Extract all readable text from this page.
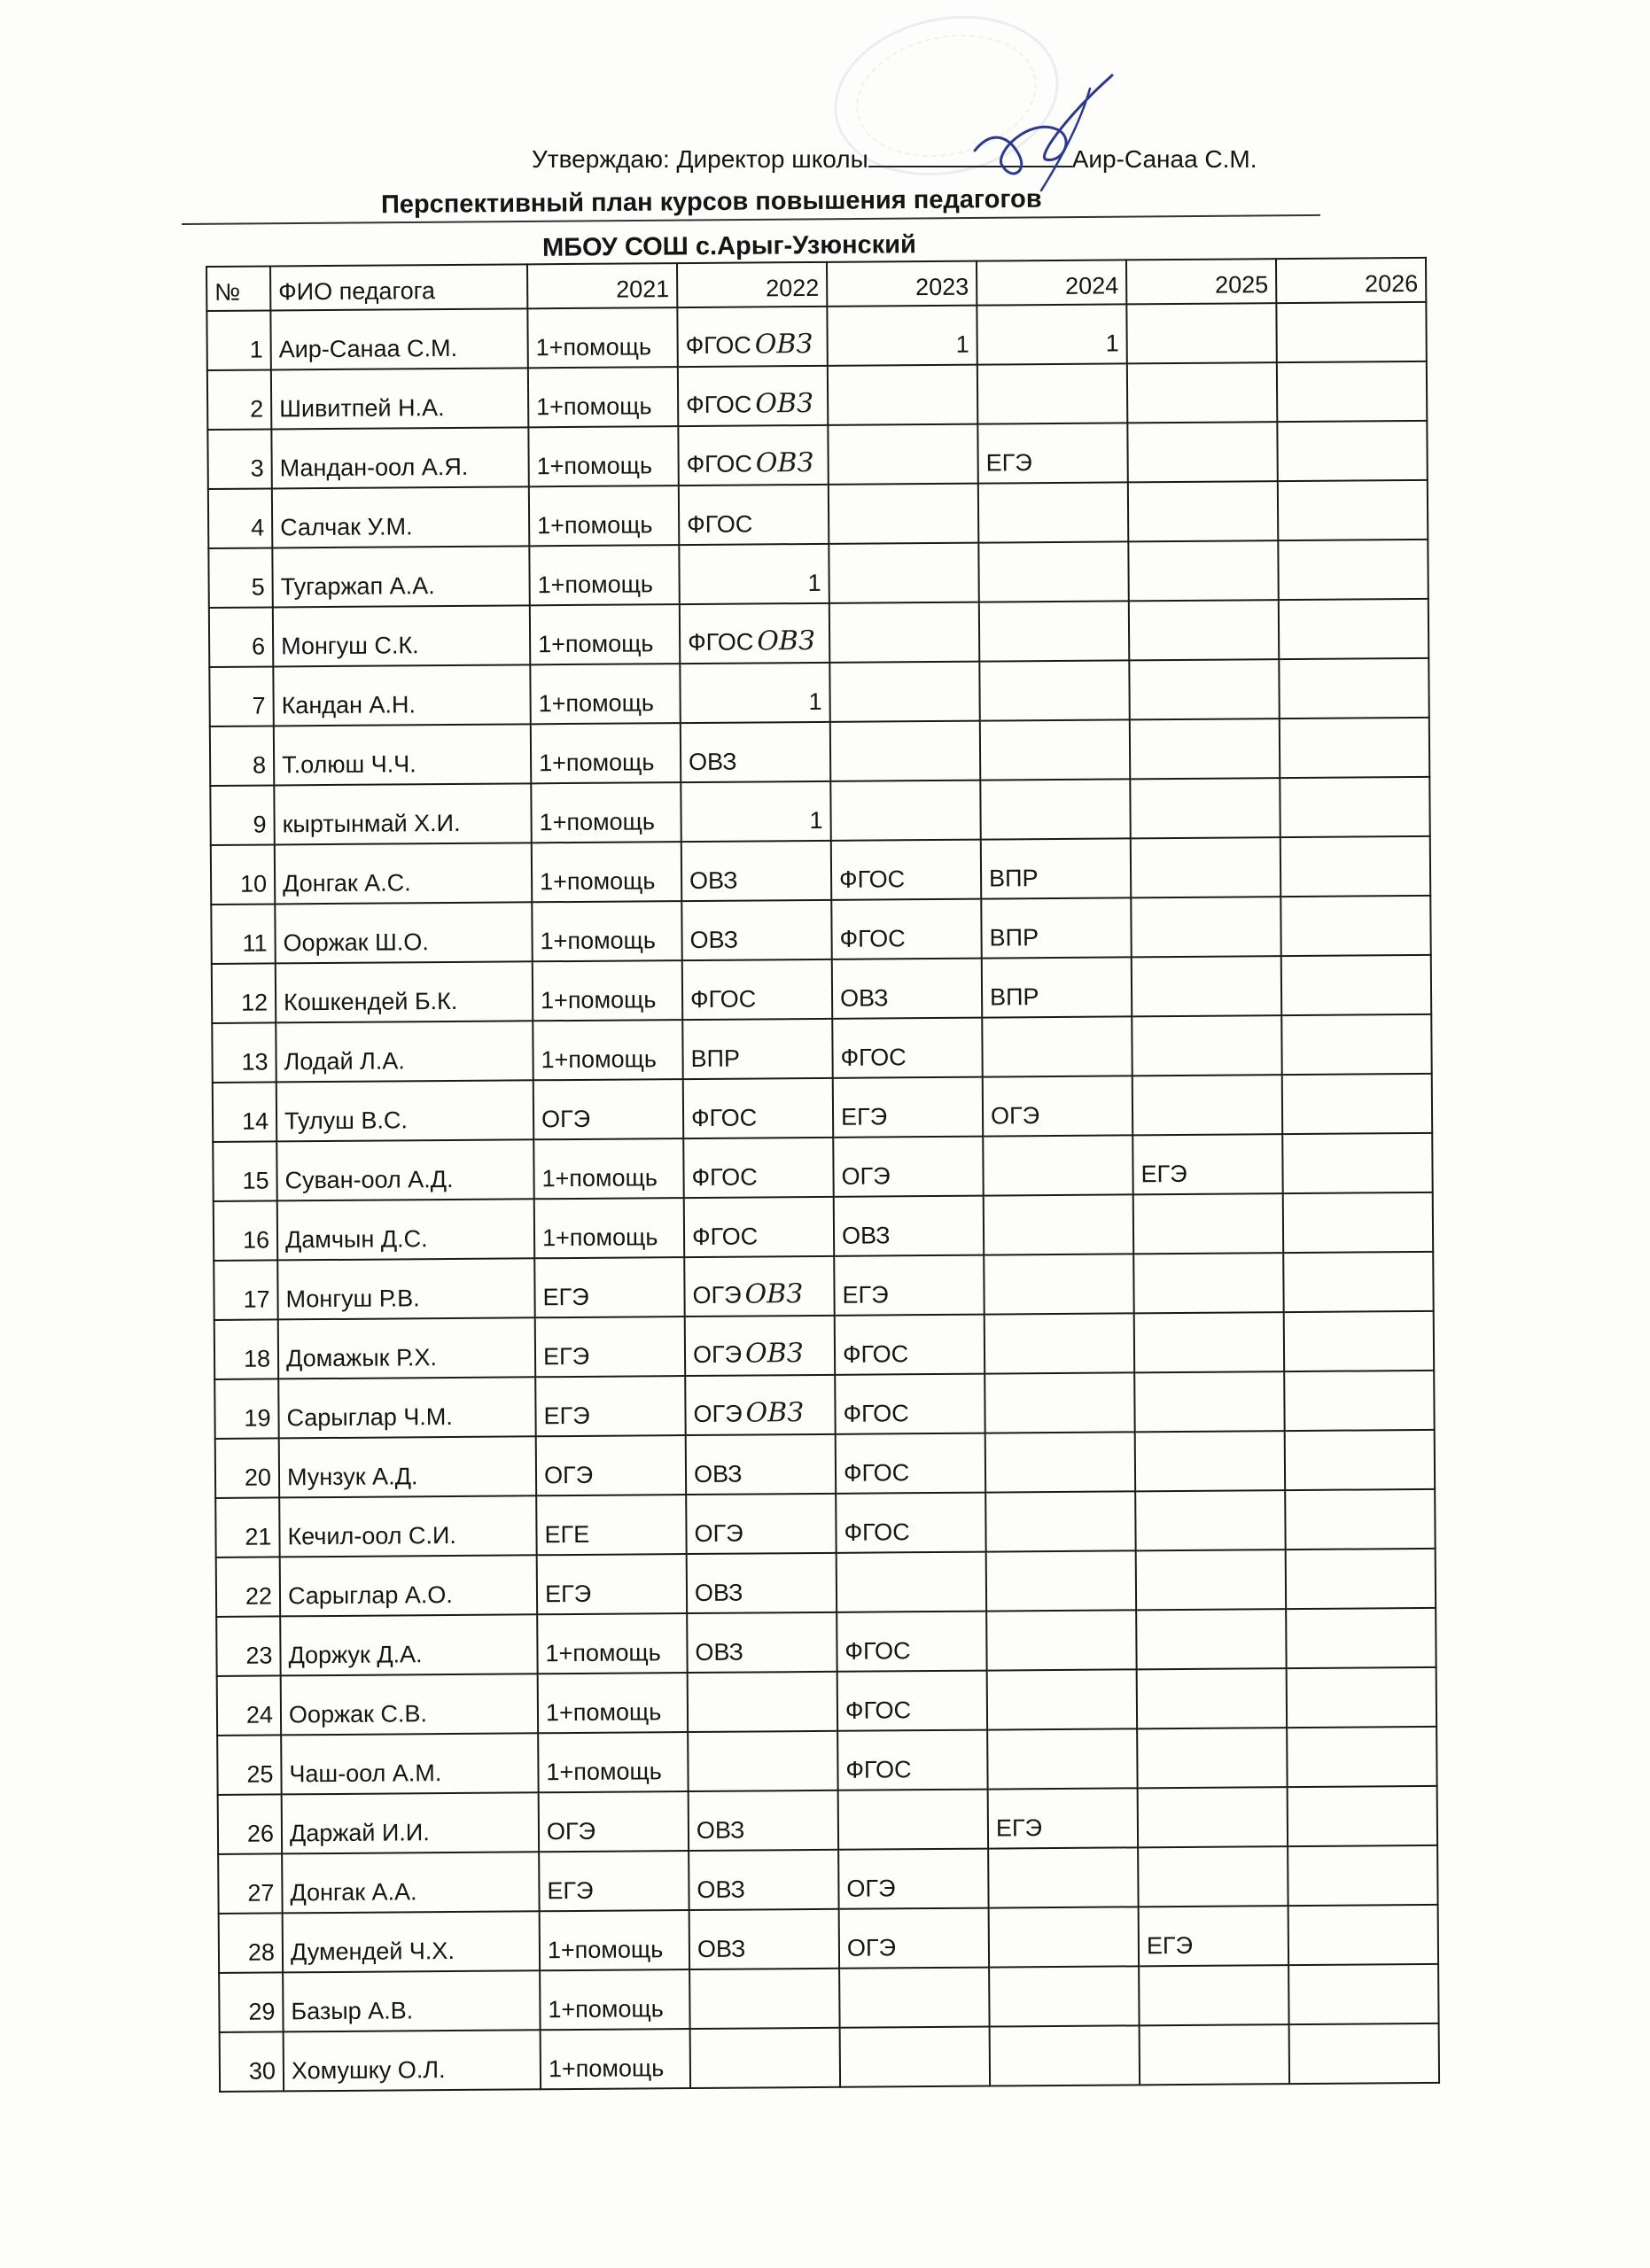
Утверждаю: Директор школы	Аир-Санаа С.М.
Перспективный план курсов повышения педагогов
МБОУ СОШ с.Арыг-Узюнский
№	ФИО педагога	2021	2022	2023	2024	2025	2026
1	Аир-Санаа С.М.	1+помощь	ФГОС ОВЗ	1	1		
2	Шивитпей Н.А.	1+помощь	ФГОС ОВЗ				
3	Мандан-оол А.Я.	1+помощь	ФГОС ОВЗ		ЕГЭ		
4	Салчак У.М.	1+помощь	ФГОС				
5	Тугаржап А.А.	1+помощь	1				
6	Монгуш С.К.	1+помощь	ФГОС ОВЗ				
7	Кандан А.Н.	1+помощь	1				
8	Т.олюш Ч.Ч.	1+помощь	ОВЗ				
9	кыртынмай Х.И.	1+помощь	1				
10	Донгак А.С.	1+помощь	ОВЗ	ФГОС	ВПР		
11	Ооржак Ш.О.	1+помощь	ОВЗ	ФГОС	ВПР		
12	Кошкендей Б.К.	1+помощь	ФГОС	ОВЗ	ВПР		
13	Лодай Л.А.	1+помощь	ВПР	ФГОС			
14	Тулуш В.С.	ОГЭ	ФГОС	ЕГЭ	ОГЭ		
15	Суван-оол А.Д.	1+помощь	ФГОС	ОГЭ		ЕГЭ	
16	Дамчын Д.С.	1+помощь	ФГОС	ОВЗ			
17	Монгуш Р.В.	ЕГЭ	ОГЭ ОВЗ	ЕГЭ			
18	Домажык Р.Х.	ЕГЭ	ОГЭ ОВЗ	ФГОС			
19	Сарыглар Ч.М.	ЕГЭ	ОГЭ ОВЗ	ФГОС			
20	Мунзук А.Д.	ОГЭ	ОВЗ	ФГОС			
21	Кечил-оол С.И.	ЕГЕ	ОГЭ	ФГОС			
22	Сарыглар А.О.	ЕГЭ	ОВЗ				
23	Доржук Д.А.	1+помощь	ОВЗ	ФГОС			
24	Ооржак С.В.	1+помощь		ФГОС			
25	Чаш-оол А.М.	1+помощь		ФГОС			
26	Даржай И.И.	ОГЭ	ОВЗ		ЕГЭ		
27	Донгак А.А.	ЕГЭ	ОВЗ	ОГЭ			
28	Думендей Ч.Х.	1+помощь	ОВЗ	ОГЭ		ЕГЭ	
29	Базыр А.В.	1+помощь					
30	Хомушку О.Л.	1+помощь					
